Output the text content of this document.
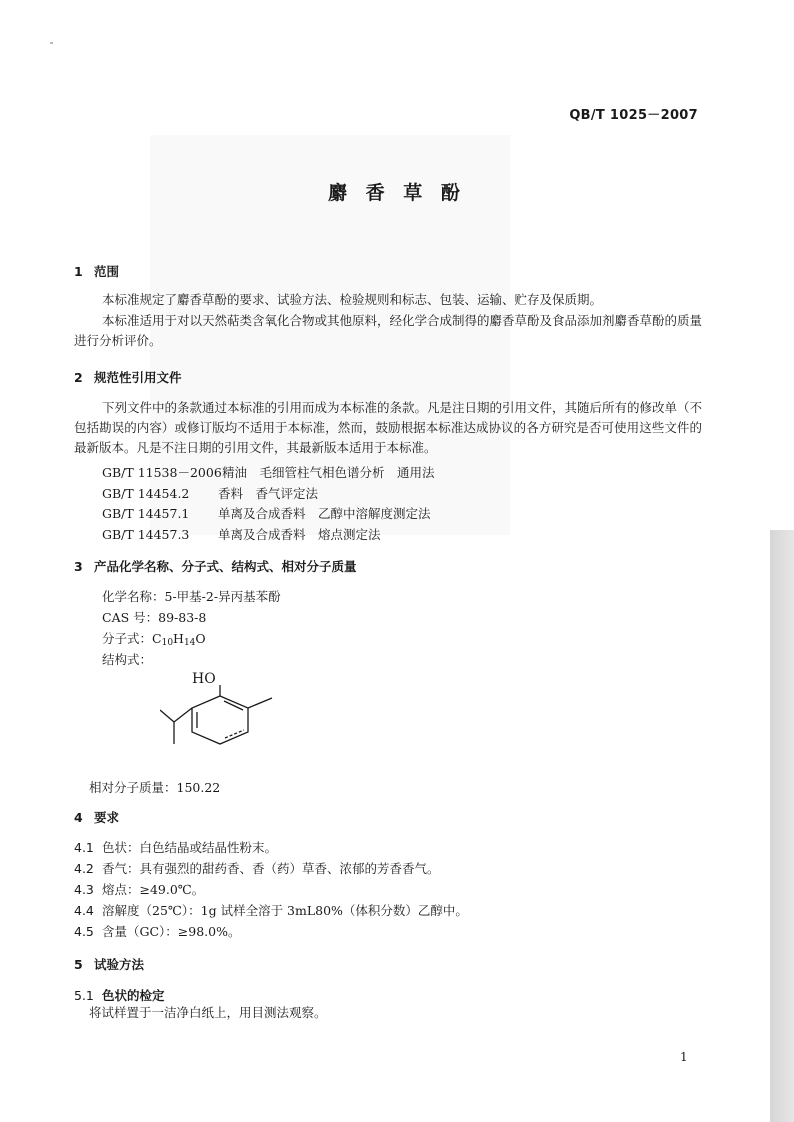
QB/T 1025－2007
麝 香 草 酚
1 范围
本标准规定了麝香草酚的要求、试验方法、检验规则和标志、包装、运输、贮存及保质期。
本标准适用于对以天然萜类含氧化合物或其他原料，经化学合成制得的麝香草酚及食品添加剂麝香草酚的质量进行分析评价。
2 规范性引用文件
下列文件中的条款通过本标准的引用而成为本标准的条款。凡是注日期的引用文件，其随后所有的修改单（不包括勘误的内容）或修订版均不适用于本标准，然而，鼓励根据本标准达成协议的各方研究是否可使用这些文件的最新版本。凡是不注日期的引用文件，其最新版本适用于本标准。
GB/T 11538－2006精油　毛细管柱气相色谱分析　通用法
GB/T 14454.2 香料　香气评定法
GB/T 14457.1 单离及合成香料　乙醇中溶解度测定法
GB/T 14457.3 单离及合成香料　熔点测定法
3 产品化学名称、分子式、结构式、相对分子质量
化学名称：5-甲基-2-异丙基苯酚
CAS 号：89-83-8
分子式：$C_{10}H_{14}O$
结构式：
HO
相对分子质量：150.22
4 要求
4.1 色状：白色结晶或结晶性粉末。
4.2 香气：具有强烈的甜药香、香（药）草香、浓郁的芳香香气。
4.3 熔点：≥49.0℃。
4.4 溶解度（25℃）：1g 试样全溶于 3mL80%（体积分数）乙醇中。
4.5 含量（GC）：≥98.0%。
5 试验方法
5.1 色状的检定
将试样置于一洁净白纸上，用目测法观察。
1
